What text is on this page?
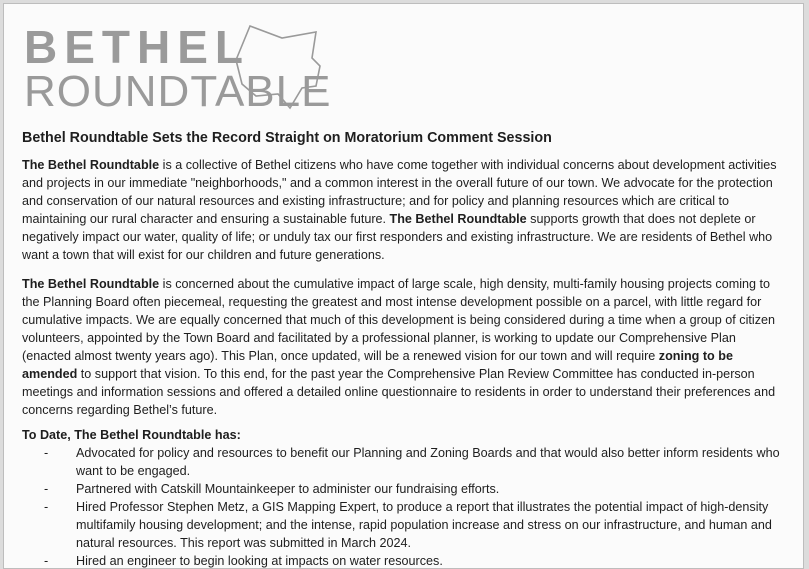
BETHEL
ROUNDTABLE
Bethel Roundtable Sets the Record Straight on Moratorium Comment Session

The Bethel Roundtable is a collective of Bethel citizens who have come together with individual concerns about development activities and projects in our immediate "neighborhoods," and a common interest in the overall future of our town. We advocate for the protection and conservation of our natural resources and existing infrastructure; and for policy and planning resources which are critical to maintaining our rural character and ensuring a sustainable future. The Bethel Roundtable supports growth that does not deplete or negatively impact our water, quality of life; or unduly tax our first responders and existing infrastructure. We are residents of Bethel who want a town that will exist for our children and future generations.

The Bethel Roundtable is concerned about the cumulative impact of large scale, high density, multi-family housing projects coming to the Planning Board often piecemeal, requesting the greatest and most intense development possible on a parcel, with little regard for cumulative impacts. We are equally concerned that much of this development is being considered during a time when a group of citizen volunteers, appointed by the Town Board and facilitated by a professional planner, is working to update our Comprehensive Plan (enacted almost twenty years ago). This Plan, once updated, will be a renewed vision for our town and will require zoning to be amended to support that vision. To this end, for the past year the Comprehensive Plan Review Committee has conducted in-person meetings and information sessions and offered a detailed online questionnaire to residents in order to understand their preferences and concerns regarding Bethel’s future.

To Date, The Bethel Roundtable has:

- Advocated for policy and resources to benefit our Planning and Zoning Boards and that would also better inform residents who want to be engaged.
- Partnered with Catskill Mountainkeeper to administer our fundraising efforts.
- Hired Professor Stephen Metz, a GIS Mapping Expert, to produce a report that illustrates the potential impact of high-density multifamily housing development; and the intense, rapid population increase and stress on our infrastructure, and human and natural resources. This report was submitted in March 2024.
- Hired an engineer to begin looking at impacts on water resources.
